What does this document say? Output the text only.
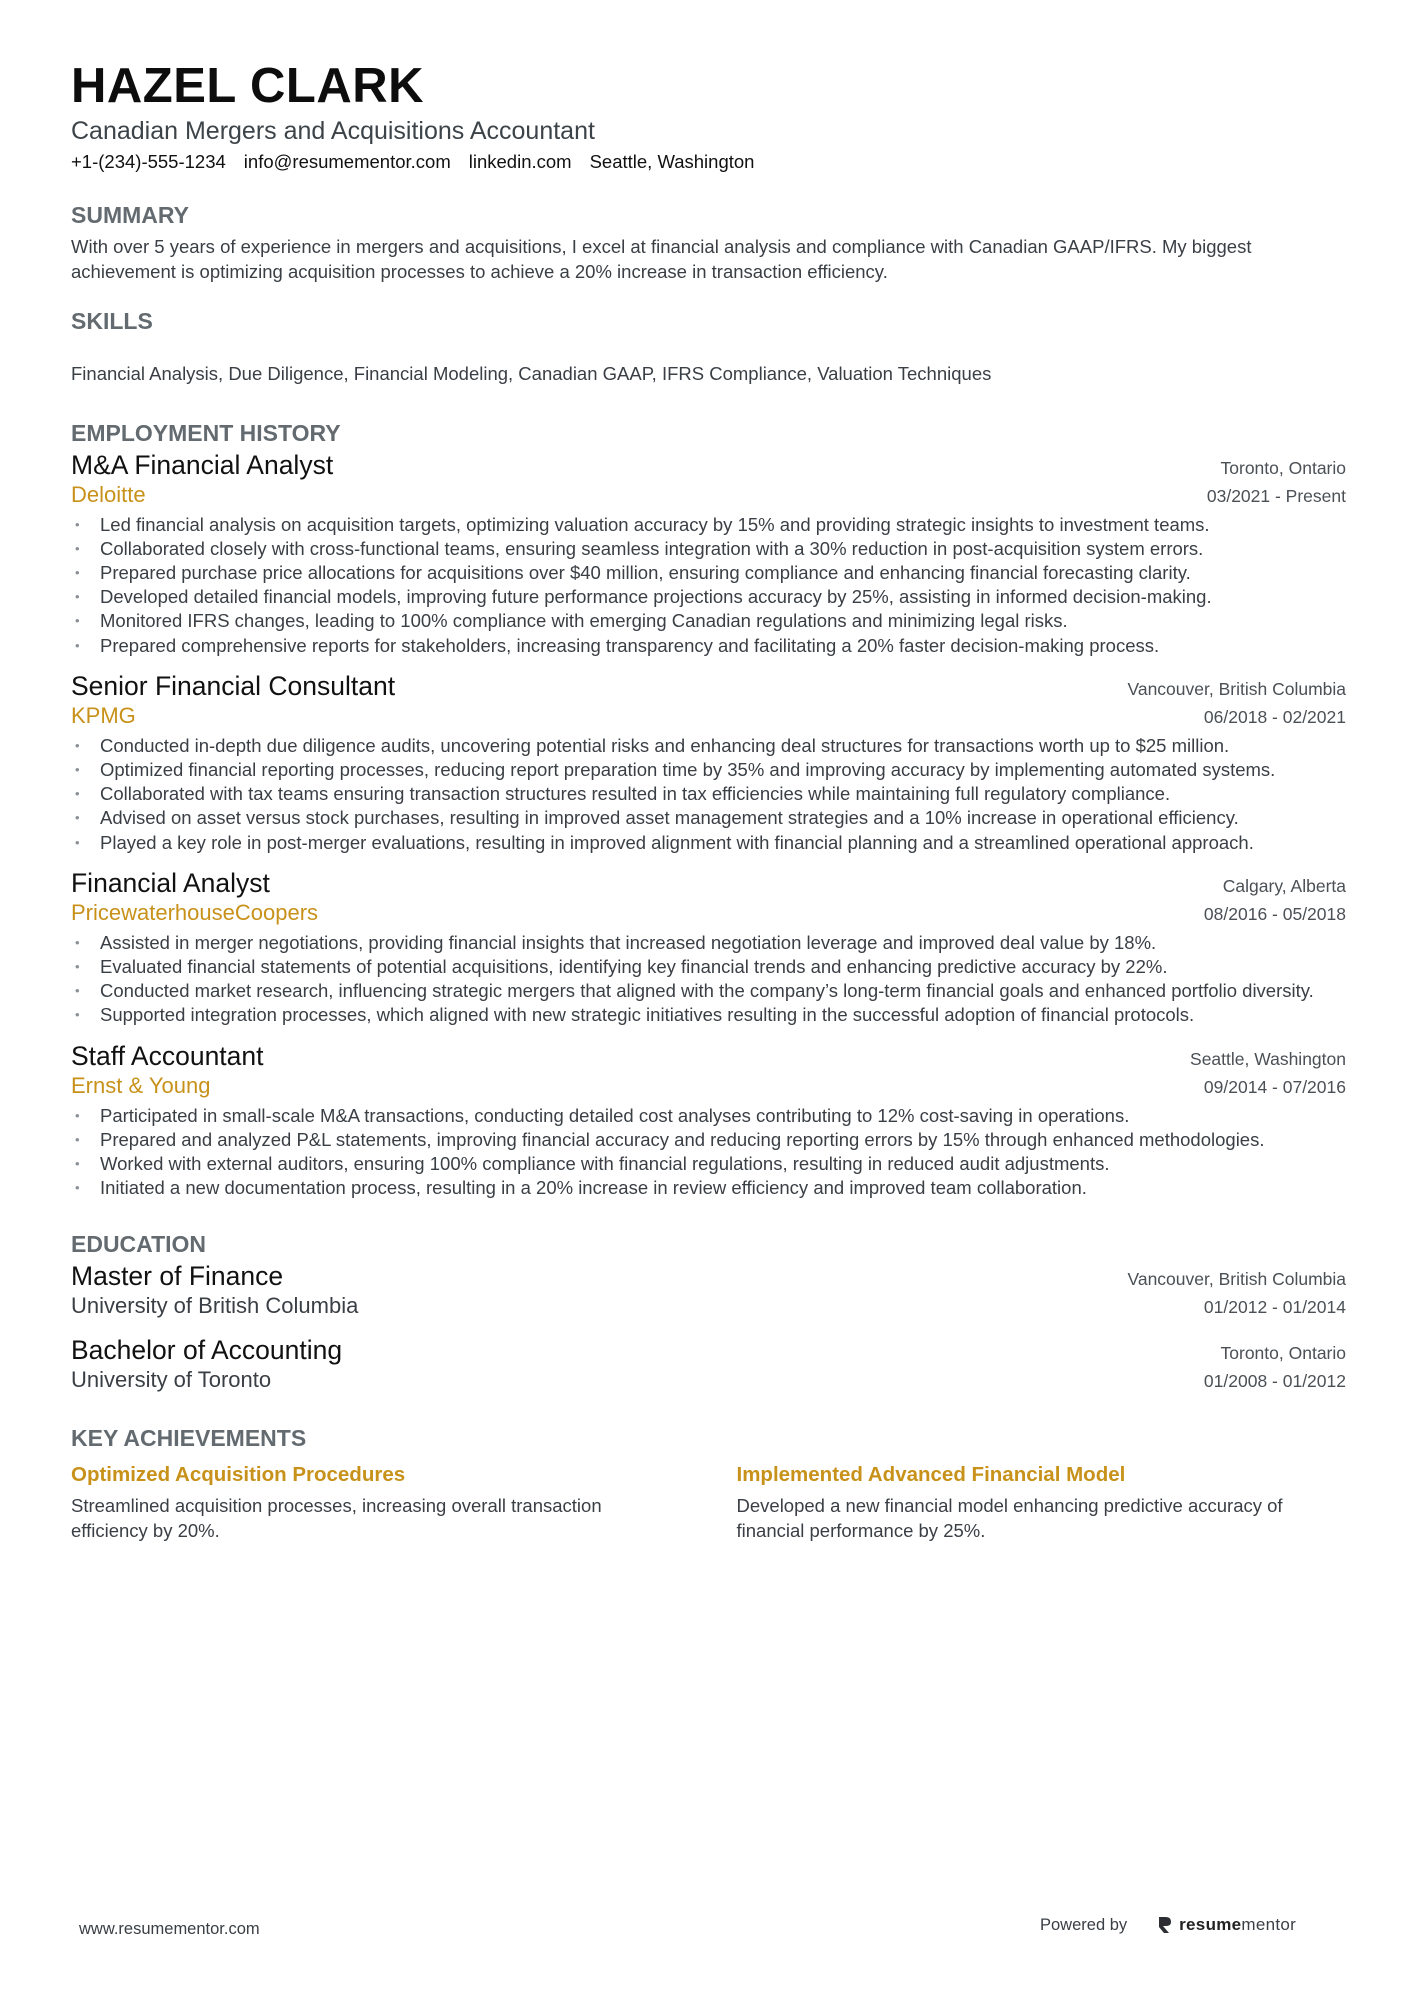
HAZEL CLARK
Canadian Mergers and Acquisitions Accountant
+1-(234)-555-1234 info@resumementor.com linkedin.com Seattle, Washington
SUMMARY
With over 5 years of experience in mergers and acquisitions, I excel at financial analysis and compliance with Canadian GAAP/IFRS. My biggest achievement is optimizing acquisition processes to achieve a 20% increase in transaction efficiency.
SKILLS
Financial Analysis, Due Diligence, Financial Modeling, Canadian GAAP, IFRS Compliance, Valuation Techniques
EMPLOYMENT HISTORY
M&A Financial Analyst	Toronto, Ontario
Deloitte	03/2021 - Present
• Led financial analysis on acquisition targets, optimizing valuation accuracy by 15% and providing strategic insights to investment teams.
• Collaborated closely with cross-functional teams, ensuring seamless integration with a 30% reduction in post-acquisition system errors.
• Prepared purchase price allocations for acquisitions over $40 million, ensuring compliance and enhancing financial forecasting clarity.
• Developed detailed financial models, improving future performance projections accuracy by 25%, assisting in informed decision-making.
• Monitored IFRS changes, leading to 100% compliance with emerging Canadian regulations and minimizing legal risks.
• Prepared comprehensive reports for stakeholders, increasing transparency and facilitating a 20% faster decision-making process.
Senior Financial Consultant	Vancouver, British Columbia
KPMG	06/2018 - 02/2021
• Conducted in-depth due diligence audits, uncovering potential risks and enhancing deal structures for transactions worth up to $25 million.
• Optimized financial reporting processes, reducing report preparation time by 35% and improving accuracy by implementing automated systems.
• Collaborated with tax teams ensuring transaction structures resulted in tax efficiencies while maintaining full regulatory compliance.
• Advised on asset versus stock purchases, resulting in improved asset management strategies and a 10% increase in operational efficiency.
• Played a key role in post-merger evaluations, resulting in improved alignment with financial planning and a streamlined operational approach.
Financial Analyst	Calgary, Alberta
PricewaterhouseCoopers	08/2016 - 05/2018
• Assisted in merger negotiations, providing financial insights that increased negotiation leverage and improved deal value by 18%.
• Evaluated financial statements of potential acquisitions, identifying key financial trends and enhancing predictive accuracy by 22%.
• Conducted market research, influencing strategic mergers that aligned with the company’s long-term financial goals and enhanced portfolio diversity.
• Supported integration processes, which aligned with new strategic initiatives resulting in the successful adoption of financial protocols.
Staff Accountant	Seattle, Washington
Ernst & Young	09/2014 - 07/2016
• Participated in small-scale M&A transactions, conducting detailed cost analyses contributing to 12% cost-saving in operations.
• Prepared and analyzed P&L statements, improving financial accuracy and reducing reporting errors by 15% through enhanced methodologies.
• Worked with external auditors, ensuring 100% compliance with financial regulations, resulting in reduced audit adjustments.
• Initiated a new documentation process, resulting in a 20% increase in review efficiency and improved team collaboration.
EDUCATION
Master of Finance	Vancouver, British Columbia
University of British Columbia	01/2012 - 01/2014
Bachelor of Accounting	Toronto, Ontario
University of Toronto	01/2008 - 01/2012
KEY ACHIEVEMENTS
Optimized Acquisition Procedures
Streamlined acquisition processes, increasing overall transaction efficiency by 20%.
Implemented Advanced Financial Model
Developed a new financial model enhancing predictive accuracy of financial performance by 25%.
www.resumementor.com	Powered by	resumementor
